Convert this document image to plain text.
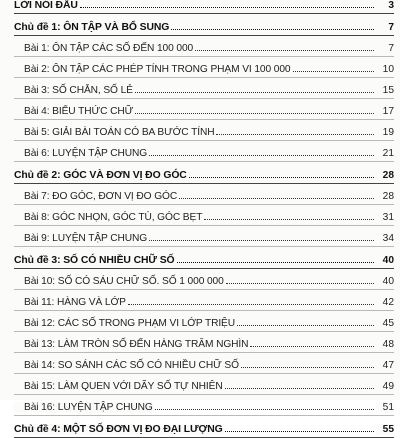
LỜI NÓI ĐẦU	3
Chủ đề 1: ÔN TẬP VÀ BỔ SUNG	7
Bài 1: ÔN TẬP CÁC SỐ ĐẾN 100 000	7
Bài 2: ÔN TẬP CÁC PHÉP TÍNH TRONG PHẠM VI 100 000	10
Bài 3: SỐ CHẴN, SỐ LẺ	15
Bài 4: BIỂU THỨC CHỮ	17
Bài 5: GIẢI BÀI TOÁN CÓ BA BƯỚC TÍNH	19
Bài 6: LUYỆN TẬP CHUNG	21
Chủ đề 2: GÓC VÀ ĐƠN VỊ ĐO GÓC	28
Bài 7: ĐO GÓC, ĐƠN VỊ ĐO GÓC	28
Bài 8: GÓC NHỌN, GÓC TÙ, GÓC BẸT	31
Bài 9: LUYỆN TẬP CHUNG	34
Chủ đề 3: SỐ CÓ NHIỀU CHỮ SỐ	40
Bài 10: SỐ CÓ SÁU CHỮ SỐ. SỐ 1 000 000	40
Bài 11: HÀNG VÀ LỚP	42
Bài 12: CÁC SỐ TRONG PHẠM VI LỚP TRIỆU	45
Bài 13: LÀM TRÒN SỐ ĐẾN HÀNG TRĂM NGHÌN	48
Bài 14: SO SÁNH CÁC SỐ CÓ NHIỀU CHỮ SỐ	47
Bài 15: LÀM QUEN VỚI DÃY SỐ TỰ NHIÊN	49
Bài 16: LUYỆN TẬP CHUNG	51
Chủ đề 4: MỘT SỐ ĐƠN VỊ ĐO ĐẠI LƯỢNG	55
